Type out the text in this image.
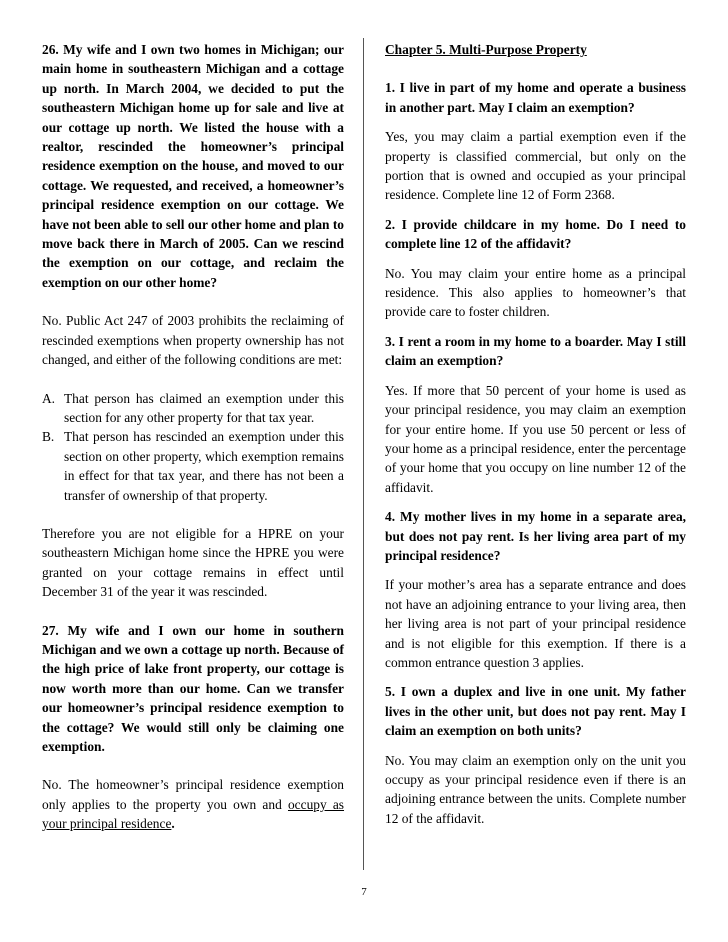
26. My wife and I own two homes in Michigan; our main home in southeastern Michigan and a cottage up north. In March 2004, we decided to put the southeastern Michigan home up for sale and live at our cottage up north. We listed the house with a realtor, rescinded the homeowner’s principal residence exemption on the house, and moved to our cottage. We requested, and received, a homeowner’s principal residence exemption on our cottage. We have not been able to sell our other home and plan to move back there in March of 2005. Can we rescind the exemption on our cottage, and reclaim the exemption on our other home?

No. Public Act 247 of 2003 prohibits the reclaiming of rescinded exemptions when property ownership has not changed, and either of the following conditions are met:

A. That person has claimed an exemption under this section for any other property for that tax year.
B. That person has rescinded an exemption under this section on other property, which exemption remains in effect for that tax year, and there has not been a transfer of ownership of that property.

Therefore you are not eligible for a HPRE on your southeastern Michigan home since the HPRE you were granted on your cottage remains in effect until December 31 of the year it was rescinded.

27. My wife and I own our home in southern Michigan and we own a cottage up north. Because of the high price of lake front property, our cottage is now worth more than our home. Can we transfer our homeowner’s principal residence exemption to the cottage? We would still only be claiming one exemption.

No. The homeowner’s principal residence exemption only applies to the property you own and occupy as your principal residence.

Chapter 5. Multi-Purpose Property

1. I live in part of my home and operate a business in another part. May I claim an exemption?

Yes, you may claim a partial exemption even if the property is classified commercial, but only on the portion that is owned and occupied as your principal residence. Complete line 12 of Form 2368.

2. I provide childcare in my home. Do I need to complete line 12 of the affidavit?

No. You may claim your entire home as a principal residence. This also applies to homeowner’s that provide care to foster children.

3. I rent a room in my home to a boarder. May I still claim an exemption?

Yes. If more that 50 percent of your home is used as your principal residence, you may claim an exemption for your entire home. If you use 50 percent or less of your home as a principal residence, enter the percentage of your home that you occupy on line number 12 of the affidavit.

4. My mother lives in my home in a separate area, but does not pay rent. Is her living area part of my principal residence?

If your mother’s area has a separate entrance and does not have an adjoining entrance to your living area, then her living area is not part of your principal residence and is not eligible for this exemption. If there is a common entrance question 3 applies.

5. I own a duplex and live in one unit. My father lives in the other unit, but does not pay rent. May I claim an exemption on both units?

No. You may claim an exemption only on the unit you occupy as your principal residence even if there is an adjoining entrance between the units. Complete number 12 of the affidavit.

7
